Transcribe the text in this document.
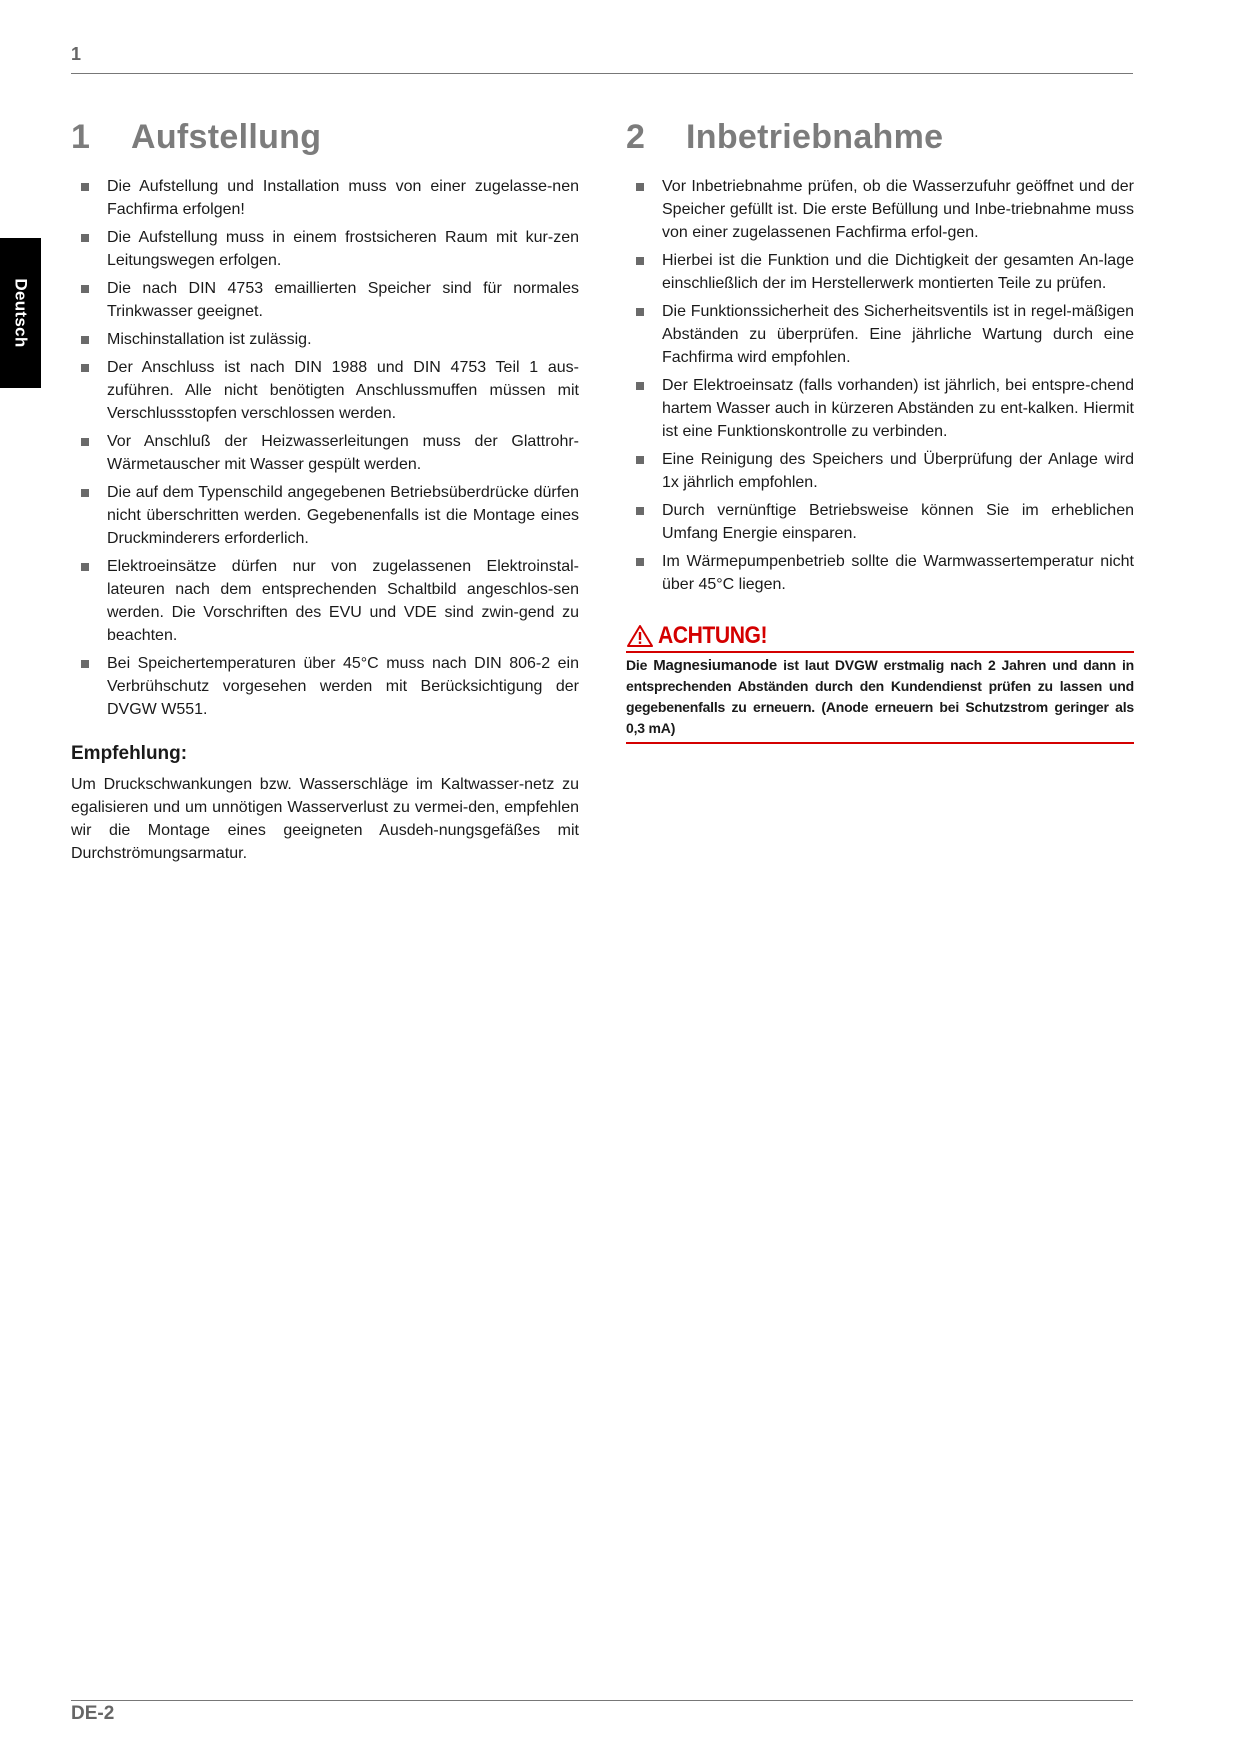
1
Deutsch
1	Aufstellung
Die Aufstellung und Installation muss von einer zugelasse-nen Fachfirma erfolgen!
Die Aufstellung muss in einem frostsicheren Raum mit kur-zen Leitungswegen erfolgen.
Die nach DIN 4753 emaillierten Speicher sind für normales Trinkwasser geeignet.
Mischinstallation ist zulässig.
Der Anschluss ist nach DIN 1988 und DIN 4753 Teil 1 aus-zuführen. Alle nicht benötigten Anschlussmuffen müssen mit Verschlussstopfen verschlossen werden.
Vor Anschluß der Heizwasserleitungen muss der Glattrohr-Wärmetauscher mit Wasser gespült werden.
Die auf dem Typenschild angegebenen Betriebsüberdrücke dürfen nicht überschritten werden. Gegebenenfalls ist die Montage eines Druckminderers erforderlich.
Elektroeinsätze dürfen nur von zugelassenen Elektroinstal-lateuren nach dem entsprechenden Schaltbild angeschlos-sen werden. Die Vorschriften des EVU und VDE sind zwin-gend zu beachten.
Bei Speichertemperaturen über 45°C muss nach DIN 806-2 ein Verbrühschutz vorgesehen werden mit Berücksichtigung der DVGW W551.
Empfehlung:

Um Druckschwankungen bzw. Wasserschläge im Kaltwasser-netz zu egalisieren und um unnötigen Wasserverlust zu vermei-den, empfehlen wir die Montage eines geeigneten Ausdeh-nungsgefäßes mit Durchströmungsarmatur.

2	Inbetriebnahme
Vor Inbetriebnahme prüfen, ob die Wasserzufuhr geöffnet und der Speicher gefüllt ist. Die erste Befüllung und Inbe-triebnahme muss von einer zugelassenen Fachfirma erfol-gen.
Hierbei ist die Funktion und die Dichtigkeit der gesamten An-lage einschließlich der im Herstellerwerk montierten Teile zu prüfen.
Die Funktionssicherheit des Sicherheitsventils ist in regel-mäßigen Abständen zu überprüfen. Eine jährliche Wartung durch eine Fachfirma wird empfohlen.
Der Elektroeinsatz (falls vorhanden) ist jährlich, bei entspre-chend hartem Wasser auch in kürzeren Abständen zu ent-kalken. Hiermit ist eine Funktionskontrolle zu verbinden.
Eine Reinigung des Speichers und Überprüfung der Anlage wird 1x jährlich empfohlen.
Durch vernünftige Betriebsweise können Sie im erheblichen Umfang Energie einsparen.
Im Wärmepumpenbetrieb sollte die Warmwassertemperatur nicht über 45°C liegen.
ACHTUNG!
Die Magnesiumanode ist laut DVGW erstmalig nach 2 Jahren und dann in entsprechenden Abständen durch den Kundendienst prüfen zu lassen und gegebenenfalls zu erneuern. (Anode erneuern bei Schutzstrom geringer als 0,3 mA)
DE-2
